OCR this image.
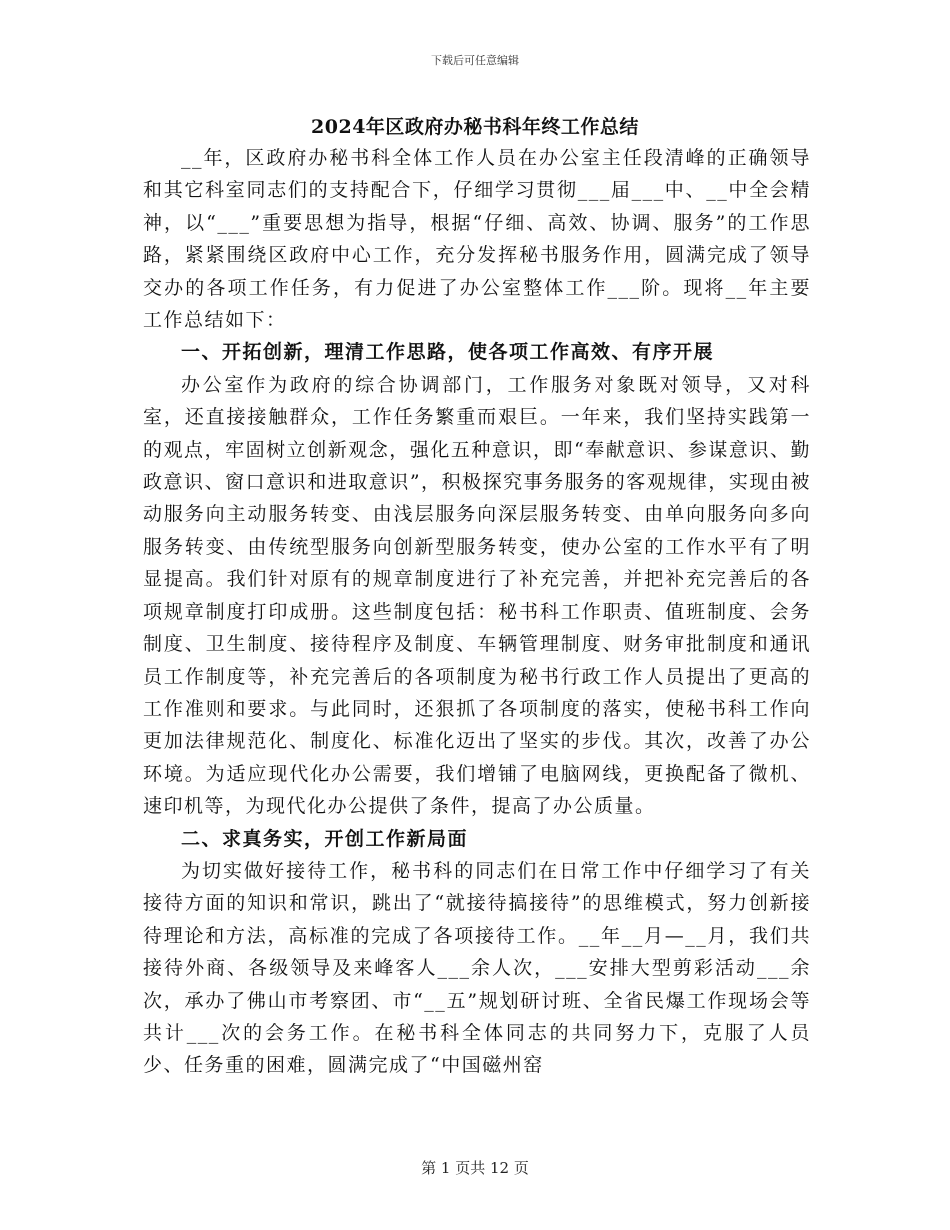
下载后可任意编辑
2024年区政府办秘书科年终工作总结

__年，区政府办秘书科全体工作人员在办公室主任段清峰的正确领导和其它科室同志们的支持配合下，仔细学习贯彻___届___中、__中全会精神，以“___”重要思想为指导，根据“仔细、高效、协调、服务”的工作思路，紧紧围绕区政府中心工作，充分发挥秘书服务作用，圆满完成了领导交办的各项工作任务，有力促进了办公室整体工作___阶。现将__年主要工作总结如下：

一、开拓创新，理清工作思路，使各项工作高效、有序开展

办公室作为政府的综合协调部门，工作服务对象既对领导，又对科室，还直接接触群众，工作任务繁重而艰巨。一年来，我们坚持实践第一的观点，牢固树立创新观念，强化五种意识，即“奉献意识、参谋意识、勤政意识、窗口意识和进取意识”，积极探究事务服务的客观规律，实现由被动服务向主动服务转变、由浅层服务向深层服务转变、由单向服务向多向服务转变、由传统型服务向创新型服务转变，使办公室的工作水平有了明显提高。我们针对原有的规章制度进行了补充完善，并把补充完善后的各项规章制度打印成册。这些制度包括：秘书科工作职责、值班制度、会务制度、卫生制度、接待程序及制度、车辆管理制度、财务审批制度和通讯员工作制度等，补充完善后的各项制度为秘书行政工作人员提出了更高的工作准则和要求。与此同时，还狠抓了各项制度的落实，使秘书科工作向更加法律规范化、制度化、标准化迈出了坚实的步伐。其次，改善了办公环境。为适应现代化办公需要，我们增铺了电脑网线，更换配备了微机、速印机等，为现代化办公提供了条件，提高了办公质量。

二、求真务实，开创工作新局面

为切实做好接待工作，秘书科的同志们在日常工作中仔细学习了有关接待方面的知识和常识，跳出了“就接待搞接待”的思维模式，努力创新接待理论和方法，高标准的完成了各项接待工作。__年__月—__月，我们共接待外商、各级领导及来峰客人___余人次，___安排大型剪彩活动___余次，承办了佛山市考察团、市“__五”规划研讨班、全省民爆工作现场会等共计___次的会务工作。在秘书科全体同志的共同努力下，克服了人员少、任务重的困难，圆满完成了“中国磁州窑

第 1 页共 12 页
